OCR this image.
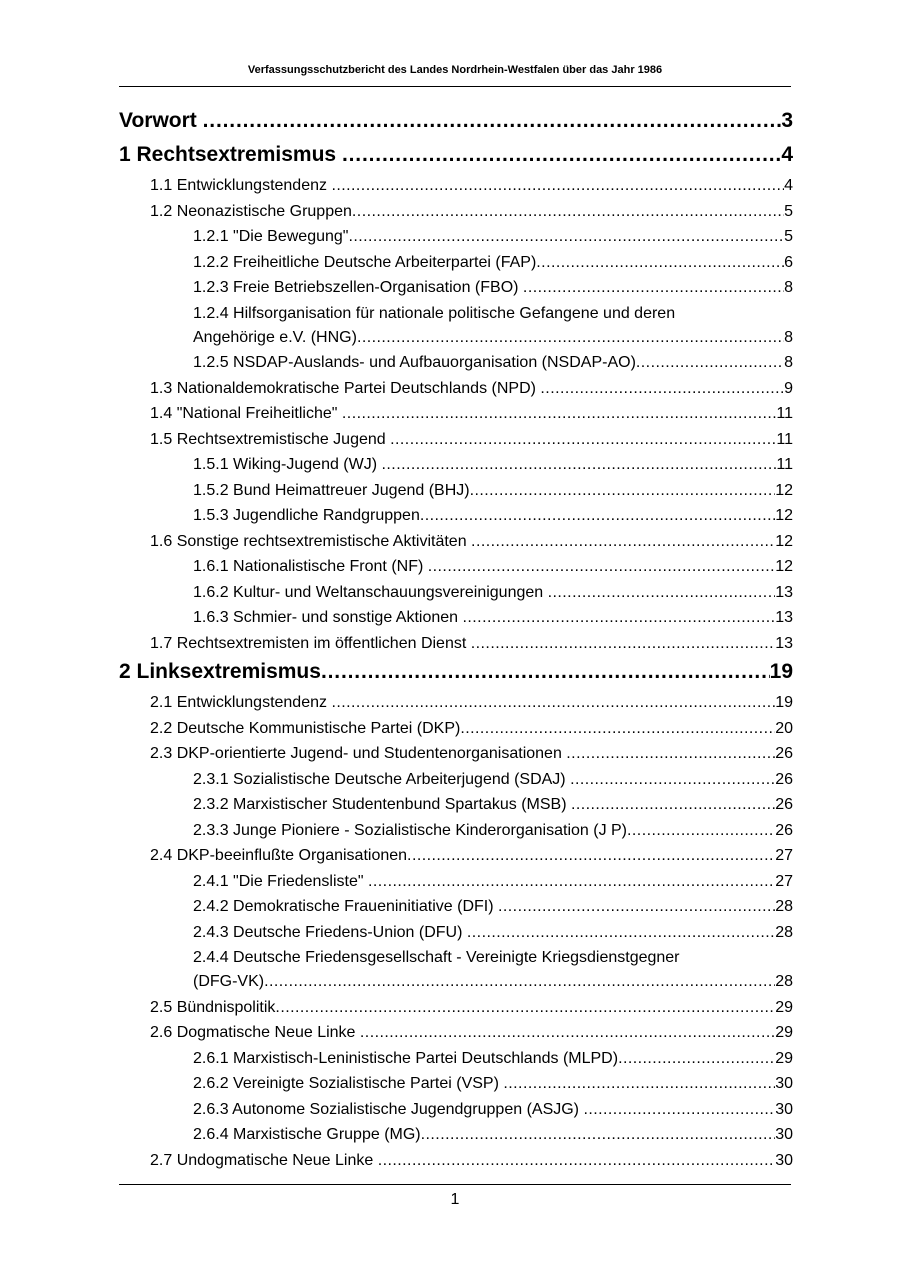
Verfassungsschutzbericht des Landes Nordrhein-Westfalen über das Jahr 1986
Vorwort . . .	3
1 Rechtsextremismus . . .	4
1.1 Entwicklungstendenz . . .	4
1.2 Neonazistische Gruppen . . .	5
1.2.1 "Die Bewegung" . . .	5
1.2.2 Freiheitliche Deutsche Arbeiterpartei (FAP) . . .	6
1.2.3 Freie Betriebszellen-Organisation (FBO) . . .	8
1.2.4 Hilfsorganisation für nationale politische Gefangene und deren
Angehörige e.V. (HNG) . . .	8
1.2.5 NSDAP-Auslands- und Aufbauorganisation (NSDAP-AO) . . .	8
1.3 Nationaldemokratische Partei Deutschlands (NPD) . . .	9
1.4 "National Freiheitliche" . . .	11
1.5 Rechtsextremistische Jugend . . .	11
1.5.1 Wiking-Jugend (WJ) . . .	11
1.5.2 Bund Heimattreuer Jugend (BHJ) . . .	12
1.5.3 Jugendliche Randgruppen . . .	12
1.6 Sonstige rechtsextremistische Aktivitäten . . .	12
1.6.1 Nationalistische Front (NF) . . .	12
1.6.2 Kultur- und Weltanschauungsvereinigungen . . .	13
1.6.3 Schmier- und sonstige Aktionen . . .	13
1.7 Rechtsextremisten im öffentlichen Dienst . . .	13
2 Linksextremismus . . .	19
2.1 Entwicklungstendenz . . .	19
2.2 Deutsche Kommunistische Partei (DKP) . . .	20
2.3 DKP-orientierte Jugend- und Studentenorganisationen . . .	26
2.3.1 Sozialistische Deutsche Arbeiterjugend (SDAJ) . . .	26
2.3.2 Marxistischer Studentenbund Spartakus (MSB) . . .	26
2.3.3 Junge Pioniere - Sozialistische Kinderorganisation (J P) . . .	26
2.4 DKP-beeinflußte Organisationen . . .	27
2.4.1 "Die Friedensliste" . . .	27
2.4.2 Demokratische Fraueninitiative (DFI) . . .	28
2.4.3 Deutsche Friedens-Union (DFU) . . .	28
2.4.4 Deutsche Friedensgesellschaft - Vereinigte Kriegsdienstgegner
(DFG-VK) . . .	28
2.5 Bündnispolitik . . .	29
2.6 Dogmatische Neue Linke . . .	29
2.6.1 Marxistisch-Leninistische Partei Deutschlands (MLPD) . . .	29
2.6.2 Vereinigte Sozialistische Partei (VSP) . . .	30
2.6.3 Autonome Sozialistische Jugendgruppen (ASJG) . . .	30
2.6.4 Marxistische Gruppe (MG) . . .	30
2.7 Undogmatische Neue Linke . . .	30
1
